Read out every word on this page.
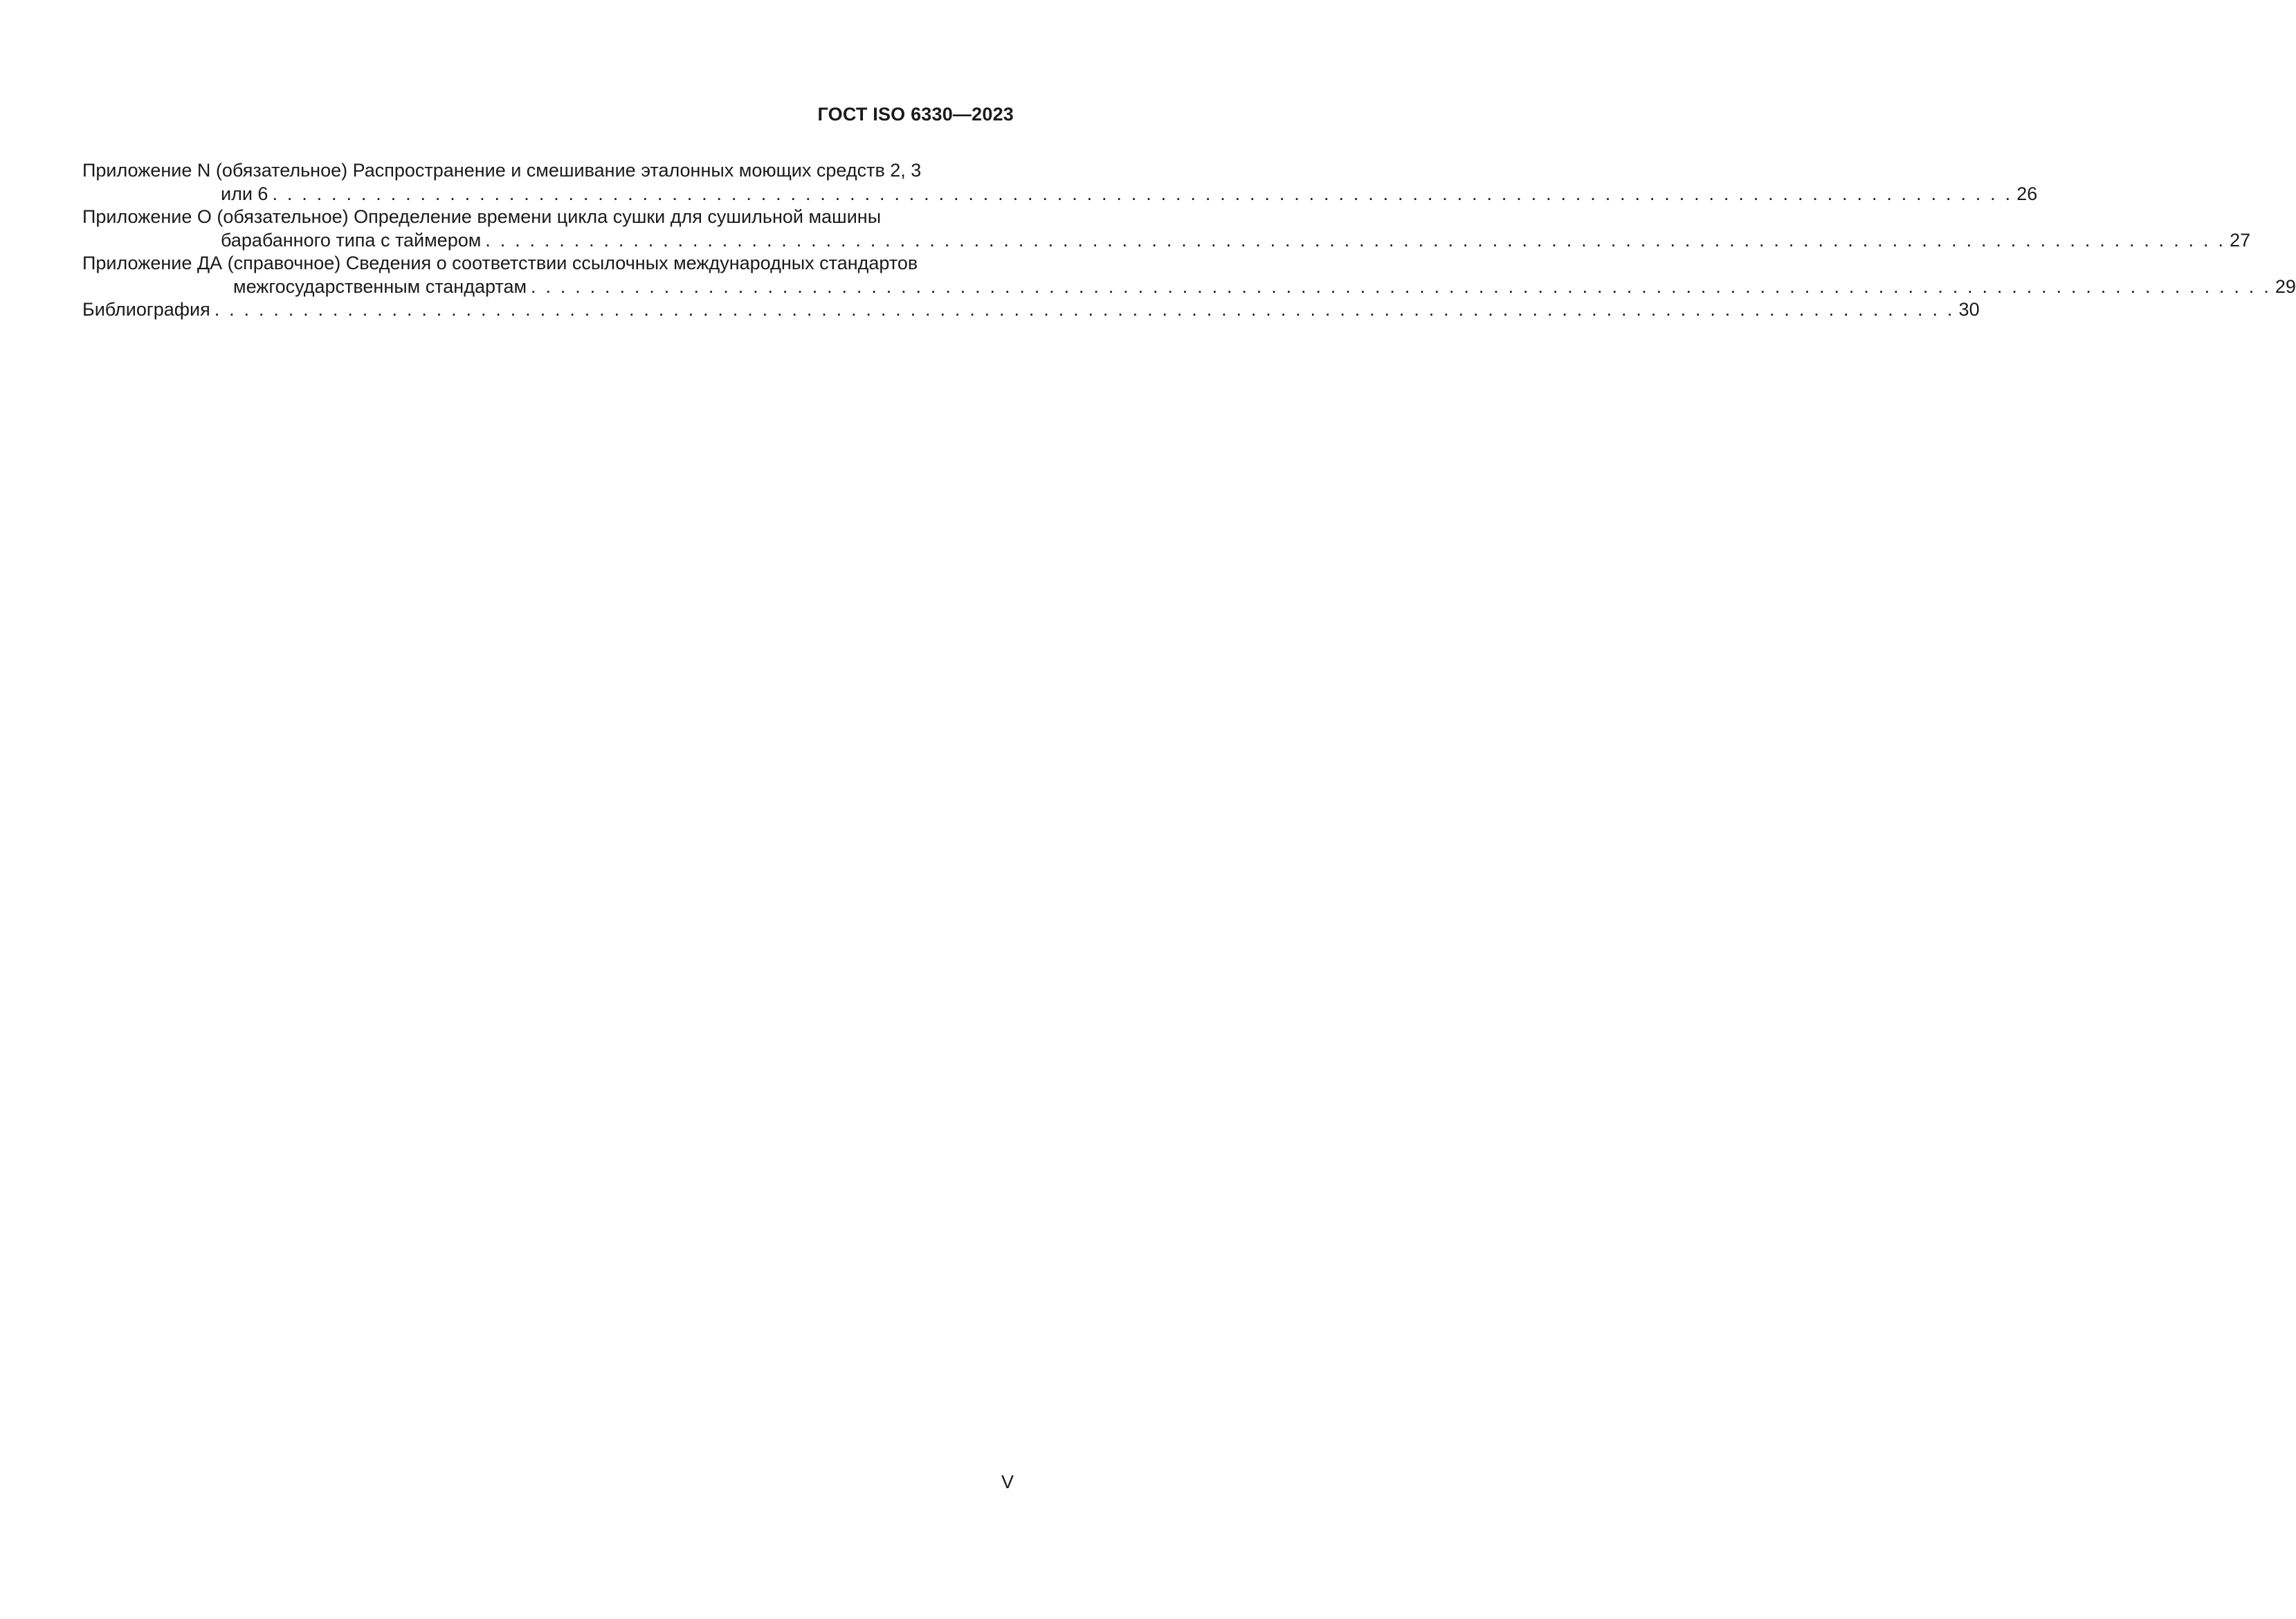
ГОСТ ISO 6330—2023
Приложение N (обязательное) Распространение и смешивание эталонных моющих средств 2, 3
или 6 . . . . . . . . . . . . . . . . . . . . . . . . . . . . . . . . . . . . . . . . . . . . . . . . . . . . . . . . . . . . . . . . . . . . . . . . . . . . . . . . . . . . . . . . . . . . . . . . . . . . . . . . . . . . . . . . . . . . . . 26
Приложение O (обязательное) Определение времени цикла сушки для сушильной машины
барабанного типа с таймером . . . . . . . . . . . . . . . . . . . . . . . . . . . . . . . . . . . . . . . . . . . . . . . . . . . . . . . . . . . . . . . . . . . . . . . . . . . . . . . . . . . . . . . . . . . . . . . . . . . . . . . . . . . . . . . . . . . . . . 27
Приложение ДА (справочное) Сведения о соответствии ссылочных международных стандартов
межгосударственным стандартам . . . . . . . . . . . . . . . . . . . . . . . . . . . . . . . . . . . . . . . . . . . . . . . . . . . . . . . . . . . . . . . . . . . . . . . . . . . . . . . . . . . . . . . . . . . . . . . . . . . . . . . . . . . . . . . . . . . . . . 29
Библиография . . . . . . . . . . . . . . . . . . . . . . . . . . . . . . . . . . . . . . . . . . . . . . . . . . . . . . . . . . . . . . . . . . . . . . . . . . . . . . . . . . . . . . . . . . . . . . . . . . . . . . . . . . . . . . . . . . . . . . 30
V
